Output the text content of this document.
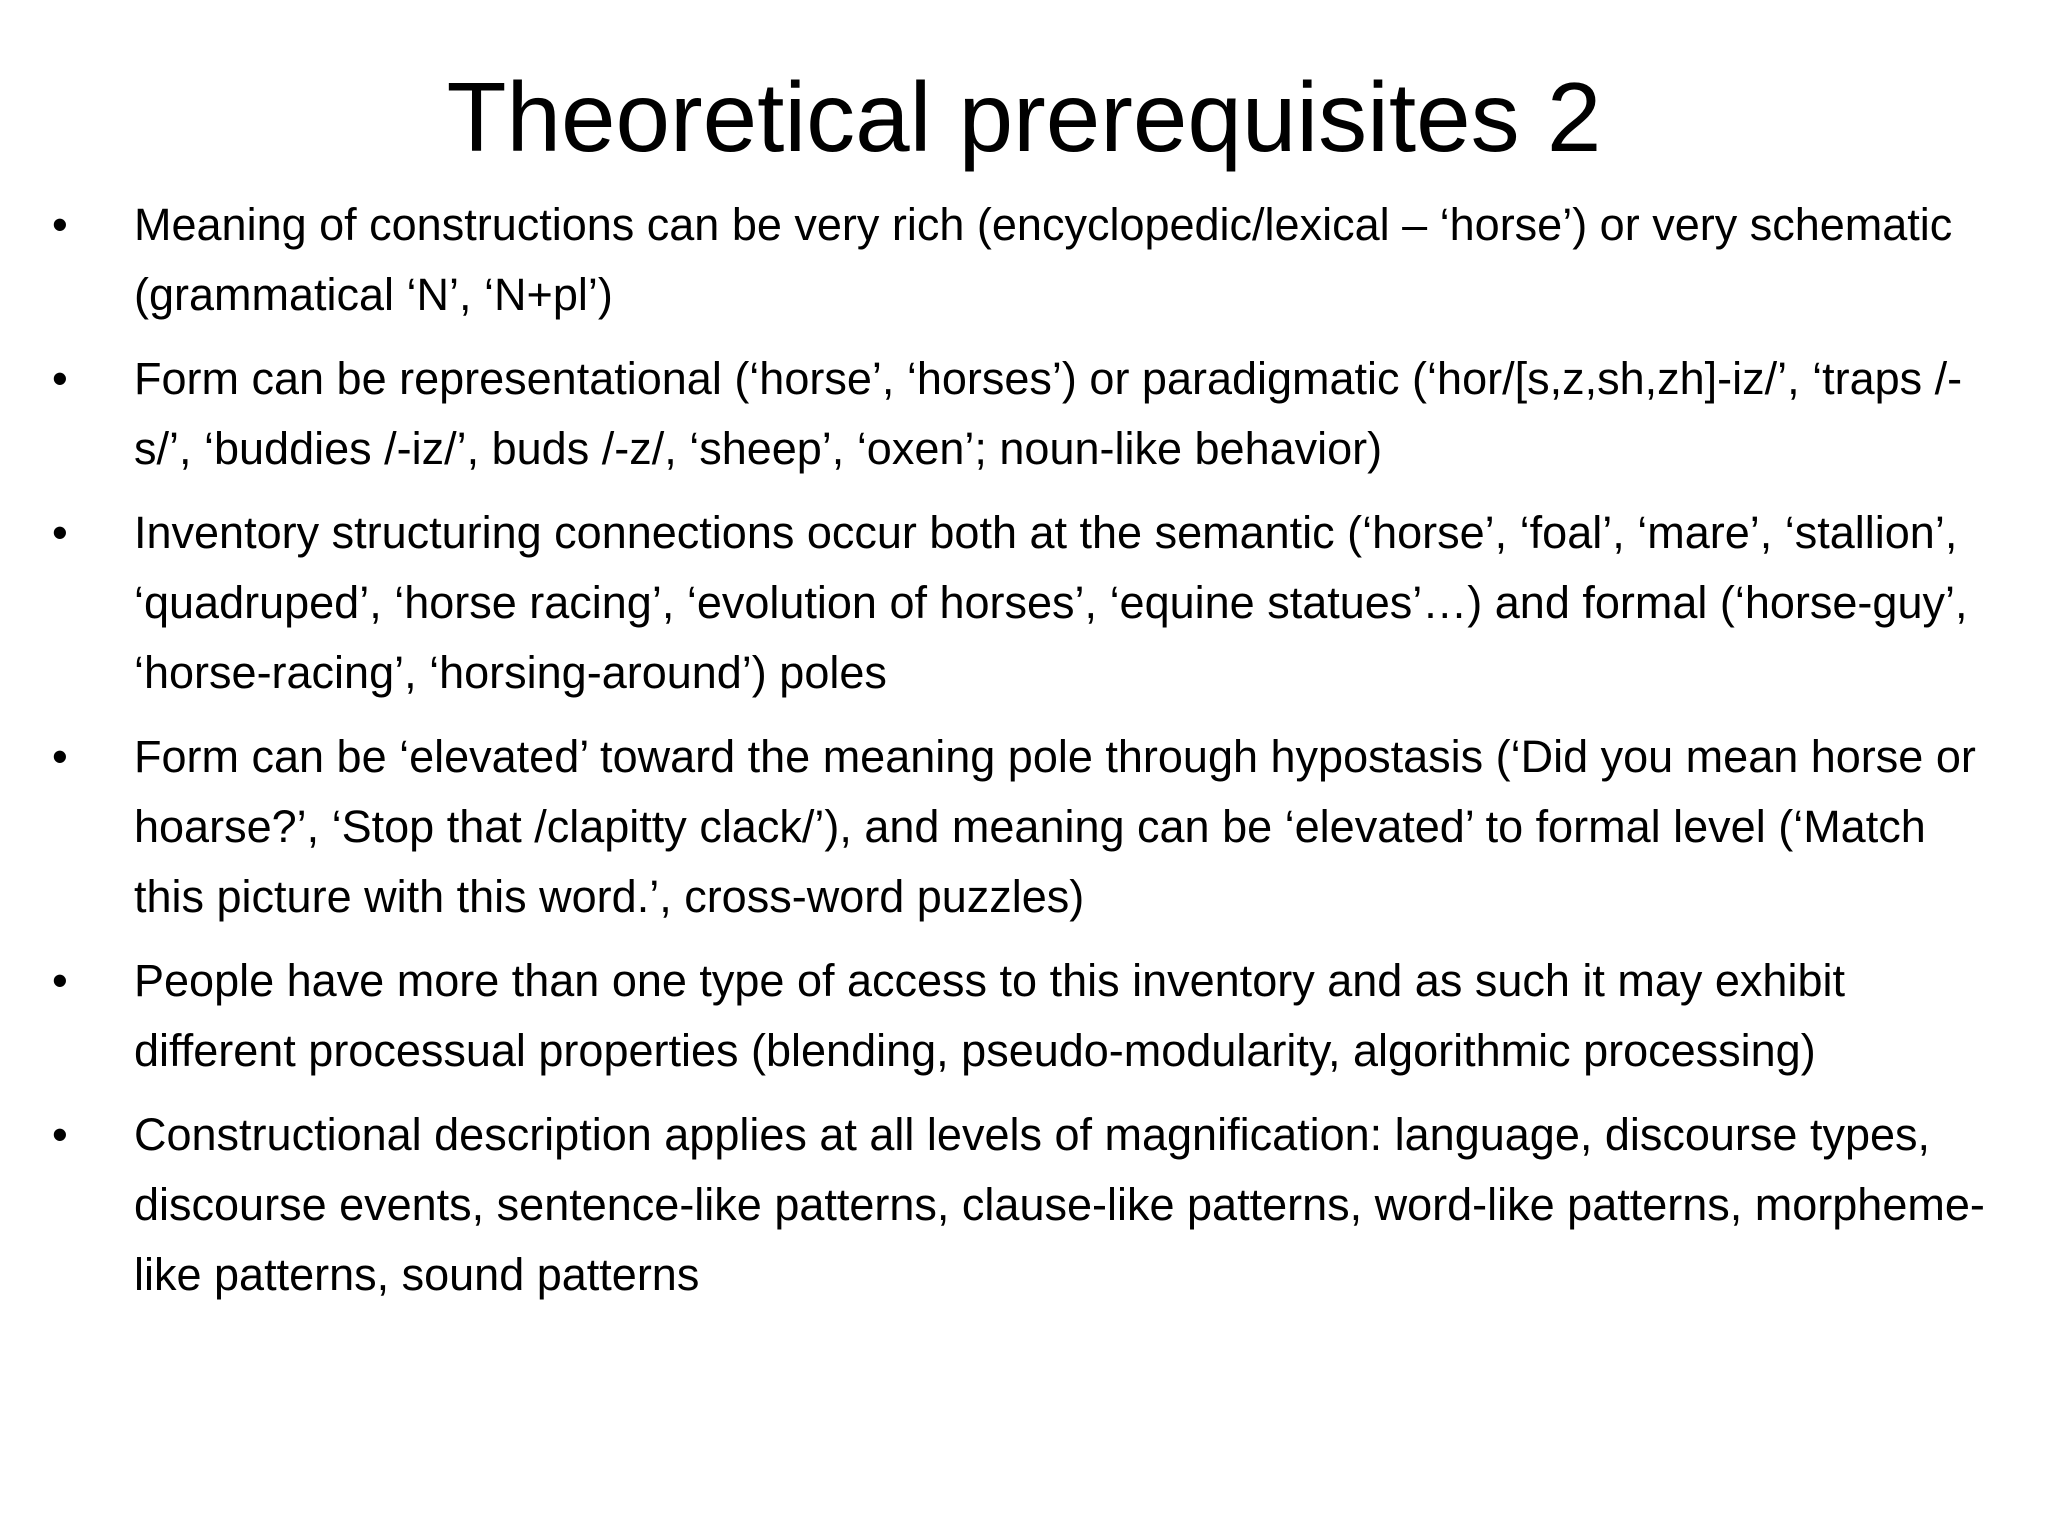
Theoretical prerequisites 2
•	Meaning of constructions can be very rich (encyclopedic/lexical – ‘horse’) or very schematic (grammatical ‘N’, ‘N+pl’)
•	Form can be representational (‘horse’, ‘horses’) or paradigmatic (‘hor/[s,z,sh,zh]-iz/’, ‘traps /-s/’, ‘buddies /-iz/’, buds /-z/, ‘sheep’, ‘oxen’; noun-like behavior)
•	Inventory structuring connections occur both at the semantic (‘horse’, ‘foal’, ‘mare’, ‘stallion’, ‘quadruped’, ‘horse racing’, ‘evolution of horses’, ‘equine statues’…) and formal (‘horse-guy’, ‘horse-racing’, ‘horsing-around’) poles
•	Form can be ‘elevated’ toward the meaning pole through hypostasis (‘Did you mean horse or hoarse?’, ‘Stop that /clapitty clack/’), and meaning can be ‘elevated’ to formal level (‘Match this picture with this word.’, cross-word puzzles)
•	People have more than one type of access to this inventory and as such it may exhibit different processual properties (blending, pseudo-modularity, algorithmic processing)
•	Constructional description applies at all levels of magnification: language, discourse types, discourse events, sentence-like patterns, clause-like patterns, word-like patterns, morpheme-like patterns, sound patterns
